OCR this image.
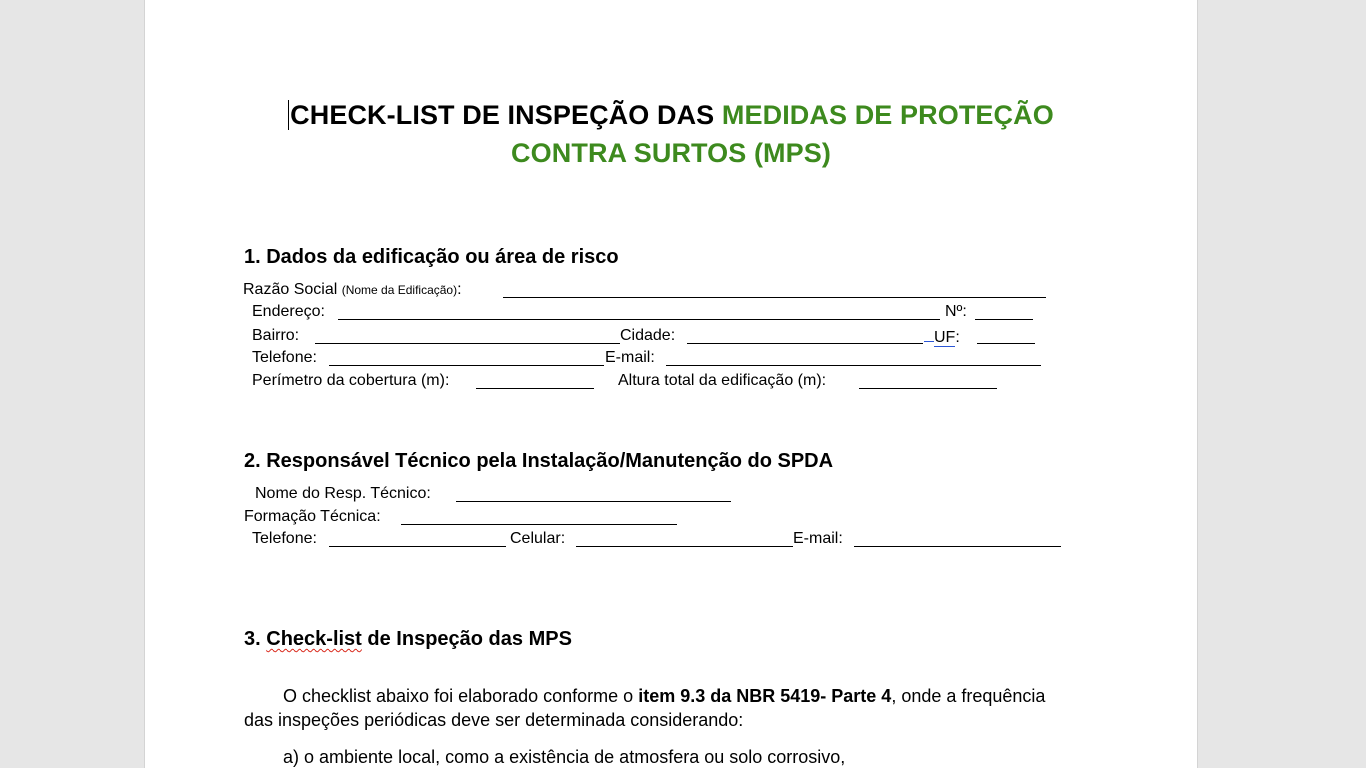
CHECK-LIST DE INSPEÇÃO DAS MEDIDAS DE PROTEÇÃO
CONTRA SURTOS (MPS)
1. Dados da edificação ou área de risco
Razão Social (Nome da Edificação):
Endereço:	Nº:
Bairro:	Cidade:	UF:
Telefone:	E-mail:
Perímetro da cobertura (m):	Altura total da edificação (m):
2. Responsável Técnico pela Instalação/Manutenção do SPDA
Nome do Resp. Técnico:
Formação Técnica:
Telefone:	Celular:	E-mail:
3. Check-list de Inspeção das MPS
O checklist abaixo foi elaborado conforme o item 9.3 da NBR 5419- Parte 4, onde a frequência
das inspeções periódicas deve ser determinada considerando:
a) o ambiente local, como a existência de atmosfera ou solo corrosivo,
